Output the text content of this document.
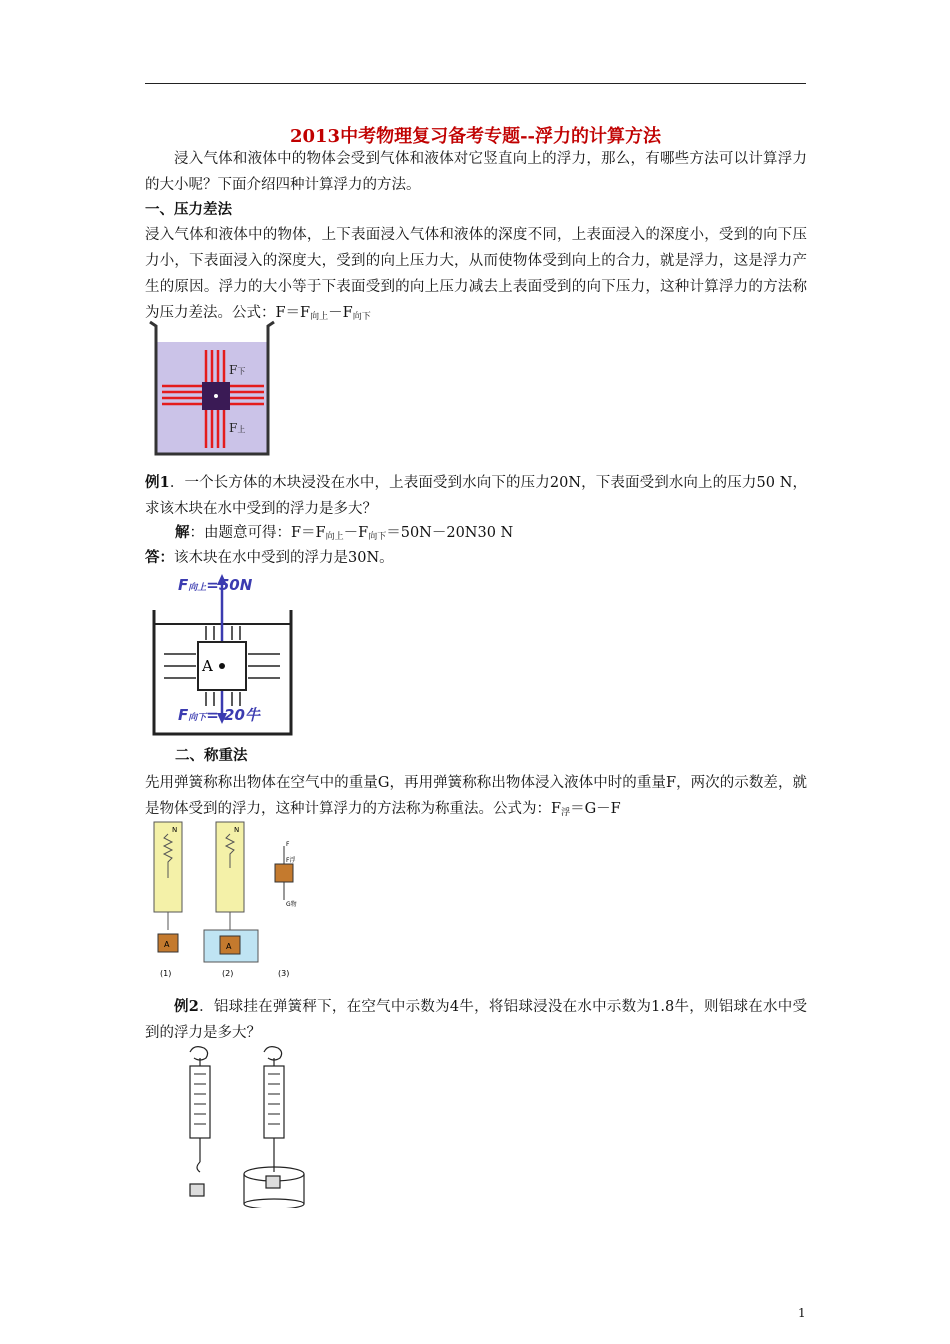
2013中考物理复习备考专题--浮力的计算方法
浸入气体和液体中的物体会受到气体和液体对它竖直向上的浮力，那么，有哪些方法可以计算浮力的大小呢？下面介绍四种计算浮力的方法。
一、压力差法
浸入气体和液体中的物体，上下表面浸入气体和液体的深度不同，上表面浸入的深度小，受到的向下压力小，下表面浸入的深度大，受到的向上压力大，从而使物体受到向上的合力，就是浮力，这是浮力产生的原因。浮力的大小等于下表面受到的向上压力减去上表面受到的向下压力，这种计算浮力的方法称为压力差法。公式：$F=F_{向上}-F_{向下}$
F下
F上
例1．一个长方体的木块浸没在水中，上表面受到水向下的压力20N，下表面受到水向上的压力50 N，求该木块在水中受到的浮力是多大？
解：由题意可得：$F=F_{向上}-F_{向下}=50N-20N30$ N
答：该木块在水中受到的浮力是30N。
A
F向上=50N
F向下= 20牛
二、称重法
先用弹簧称称出物体在空气中的重量G，再用弹簧称称出物体浸入液体中时的重量F，两次的示数差，就是物体受到的浮力，这种计算浮力的方法称为称重法。公式为：$F_浮=G-F$
N
A
(1)
N
A
(2)
F
F浮
G物
(3)
例2．铝球挂在弹簧秤下，在空气中示数为4牛，将铝球浸没在水中示数为1.8牛，则铝球在水中受到的浮力是多大？
1
